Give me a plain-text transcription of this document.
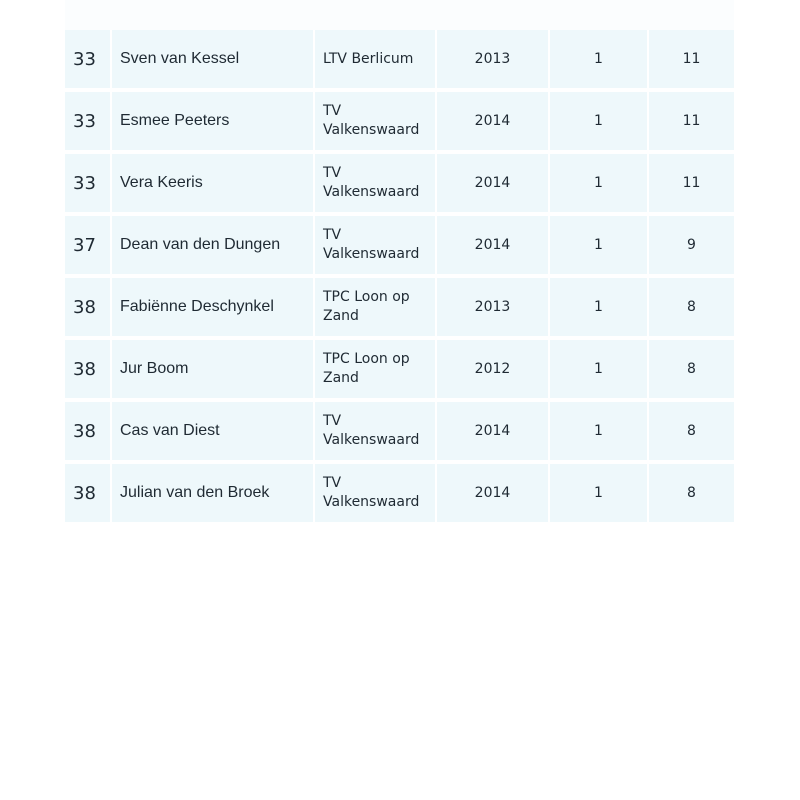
33	Sven van Kessel	LTV Berlicum	2013	1	11
33	Esmee Peeters	TV Valkenswaard	2014	1	11
33	Vera Keeris	TV Valkenswaard	2014	1	11
37	Dean van den Dungen	TV Valkenswaard	2014	1	9
38	Fabiënne Deschynkel	TPC Loon op Zand	2013	1	8
38	Jur Boom	TPC Loon op Zand	2012	1	8
38	Cas van Diest	TV Valkenswaard	2014	1	8
38	Julian van den Broek	TV Valkenswaard	2014	1	8
